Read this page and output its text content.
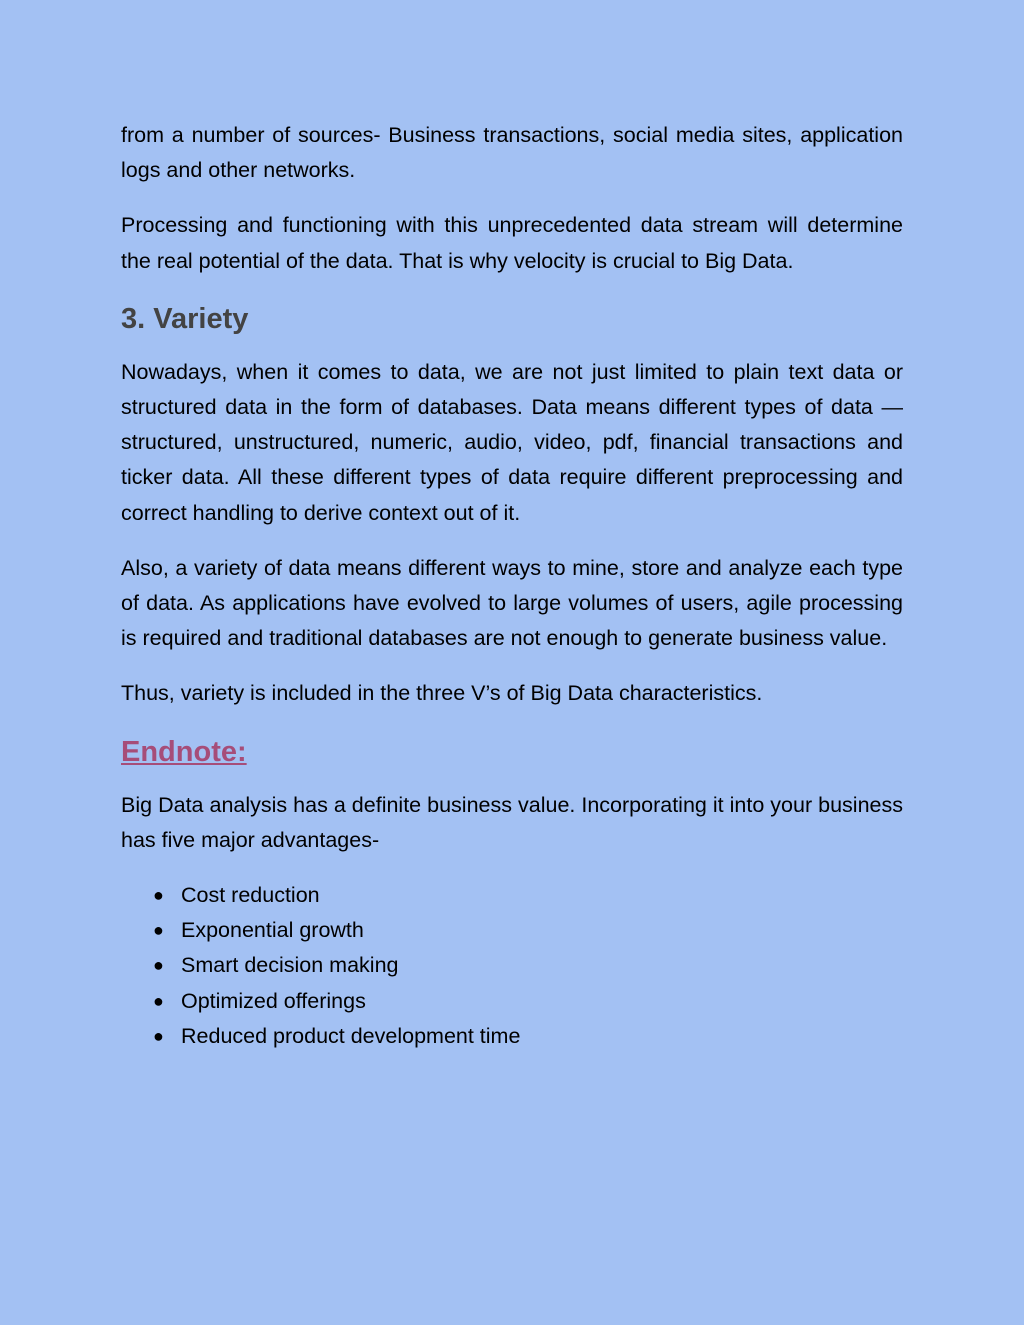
from a number of sources- Business transactions, social media sites, application logs and other networks.

Processing and functioning with this unprecedented data stream will determine the real potential of the data. That is why velocity is crucial to Big Data.

3. Variety

Nowadays, when it comes to data, we are not just limited to plain text data or structured data in the form of databases. Data means different types of data — structured, unstructured, numeric, audio, video, pdf, financial transactions and ticker data. All these different types of data require different preprocessing and correct handling to derive context out of it.

Also, a variety of data means different ways to mine, store and analyze each type of data. As applications have evolved to large volumes of users, agile processing is required and traditional databases are not enough to generate business value.

Thus, variety is included in the three V’s of Big Data characteristics.

Endnote:

Big Data analysis has a definite business value. Incorporating it into your business has five major advantages-

● Cost reduction
● Exponential growth
● Smart decision making
● Optimized offerings
● Reduced product development time
